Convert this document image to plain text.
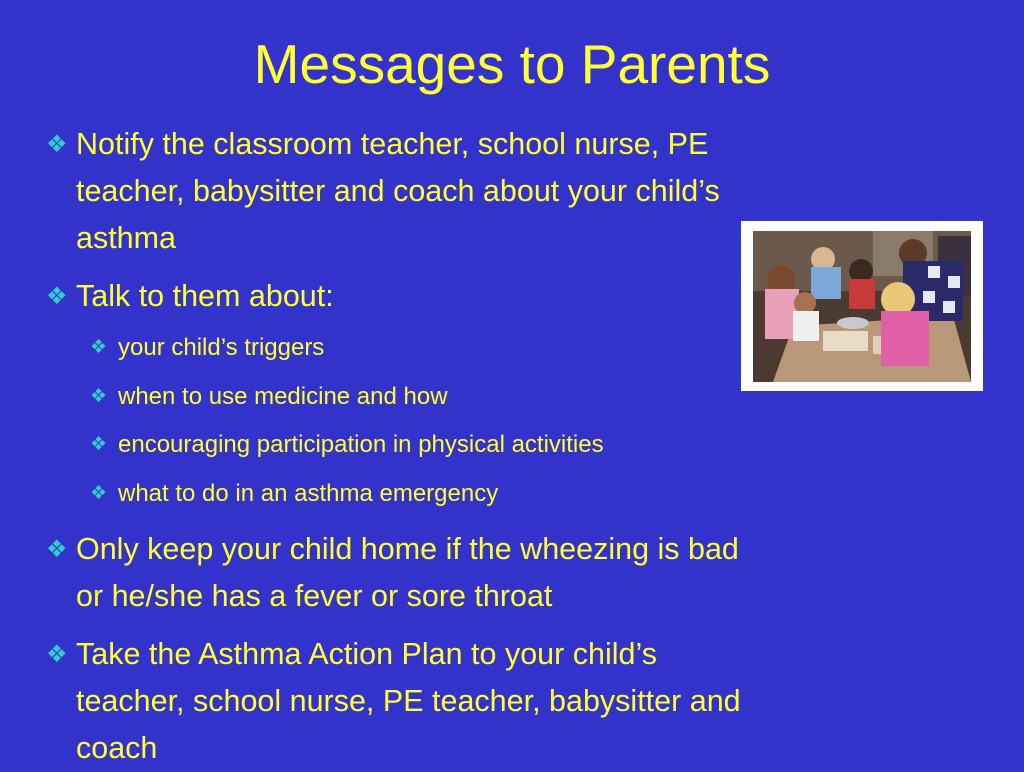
Messages to Parents
❖ Notify the classroom teacher, school nurse, PE
teacher, babysitter and coach about your child’s
asthma
❖ Talk to them about:
❖ your child’s triggers
❖ when to use medicine and how
❖ encouraging participation in physical activities
❖ what to do in an asthma emergency
❖ Only keep your child home if the wheezing is bad
or he/she has a fever or sore throat
❖ Take the Asthma Action Plan to your child’s
teacher, school nurse, PE teacher, babysitter and
coach
